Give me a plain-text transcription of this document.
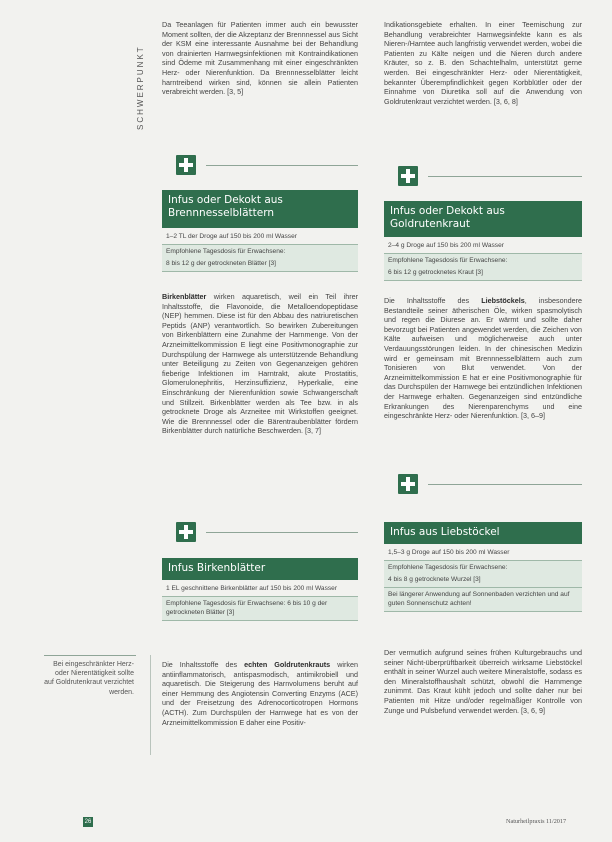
SCHWERPUNKT

Da Teeanlagen für Patienten immer auch ein bewusster Moment sollten, der die Akzeptanz der Brennnessel aus Sicht der KSM eine interessante Ausnahme bei der Behandlung von drainierten Harnwegsinfektionen mit Kontraindikationen sind Ödeme mit Zusammenhang mit einer eingeschränkten Herz- oder Nierenfunktion. Da Brennnesselblätter leicht harntreibend wirken sind, können sie allein Patienten verabreicht werden. [3, 5]

Infus oder Dekokt aus Brennnesselblättern
1–2 TL der Droge auf 150 bis 200 ml Wasser
Empfohlene Tagesdosis für Erwachsene:
8 bis 12 g der getrockneten Blätter [3]

Birkenblätter wirken aquaretisch, weil ein Teil ihrer Inhaltsstoffe, die Flavonoide, die Metalloendopeptidase (NEP) hemmen. Diese ist für den Abbau des natriuretischen Peptids (ANP) verantwortlich. So bewirken Zubereitungen von Birkenblättern eine Zunahme der Harnmenge. Von der Arzneimittelkommission E liegt eine Positivmonographie zur Durchspülung der Harnwege als unterstützende Behandlung unter Beteiligung zu Zeiten von Gegenanzeigen gehören fieberige Infektionen im Harntrakt, akute Prostatitis, Glomerulonephritis, Herzinsuffizienz, Hyperkalie, eine Einschränkung der Nierenfunktion sowie Schwangerschaft und Stillzeit. Birkenblätter werden als Tee bzw. in als getrocknete Droge als Arzneitee mit Wirkstoffen geeignet. Wie die Brennnessel oder die Bärentraubenblätter fördern Birkenblätter durch natürliche Beschwerden. [3, 7]

Infus Birkenblätter
1 EL geschnittene Birkenblätter auf 150 bis 200 ml Wasser
Empfohlene Tagesdosis für Erwachsene: 6 bis 10 g der getrockneten Blätter [3]

Die Inhaltsstoffe des echten Goldrutenkrauts wirken antiinflammatorisch, antispasmodisch, antimikrobiell und aquaretisch. Die Steigerung des Harnvolumens beruht auf einer Hemmung des Angiotensin Converting Enzyms (ACE) und der Freisetzung des Adrenocorticotropen Hormons (ACTH). Zum Durchspülen der Harnwege hat es von der Arzneimittelkommission E daher eine Positiv-

Indikationsgebiete erhalten. In einer Teemischung zur Behandlung verabreichter Harnwegsinfekte kann es als Nieren-/Harntee auch langfristig verwendet werden, wobei die Patienten zu Kälte neigen und die Nieren durch andere Kräuter, so z. B. den Schachtelhalm, unterstützt gerne werden. Bei eingeschränkter Herz- oder Nierentätigkeit, bekannter Überempfindlichkeit gegen Korbblütler oder der Einnahme von Diuretika soll auf die Anwendung von Goldrutenkraut verzichtet werden. [3, 6, 8]

Infus oder Dekokt aus Goldrutenkraut
2–4 g Droge auf 150 bis 200 ml Wasser
Empfohlene Tagesdosis für Erwachsene:
6 bis 12 g getrocknetes Kraut [3]

Die Inhaltsstoffe des Liebstöckels, insbesondere Bestandteile seiner ätherischen Öle, wirken spasmolytisch und regen die Diurese an. Er wärmt und sollte daher bevorzugt bei Patienten angewendet werden, die Zeichen von Kälte aufweisen und möglicherweise auch unter Verdauungsstörungen leiden. In der chinesischen Medizin wird er gemeinsam mit Brennnesselblättern auch zum Tonisieren von Blut verwendet. Von der Arzneimittelkommission E hat er eine Positivmonographie für das Durchspülen der Harnwege bei entzündlichen Infektionen der Harnwege erhalten. Gegenanzeigen sind entzündliche Erkrankungen des Nierenparenchyms und eine eingeschränkte Herz- oder Nierenfunktion. [3, 6–9]

Infus aus Liebstöckel
1,5–3 g Droge auf 150 bis 200 ml Wasser
Empfohlene Tagesdosis für Erwachsene:
4 bis 8 g getrocknete Wurzel [3]
Bei längerer Anwendung auf Sonnenbaden verzichten und auf guten Sonnenschutz achten!

Der vermutlich aufgrund seines frühen Kulturgebrauchs und seiner Nicht-überprüftbarkeit überreich wirksame Liebstöckel enthält in seiner Wurzel auch weitere Mineralstoffe, sodass es den Mineralstoffhaushalt schützt, obwohl die Harnmenge zunimmt. Das Kraut kühlt jedoch und sollte daher nur bei Patienten mit Hitze und/oder regelmäßiger Kontrolle von Zunge und Pulsbefund verwendet werden. [3, 6, 9]

Bei eingeschränkter Herz- oder Nierentätigkeit sollte auf Goldrutenkraut verzichtet werden.
26	Naturheilpraxis 11/2017
